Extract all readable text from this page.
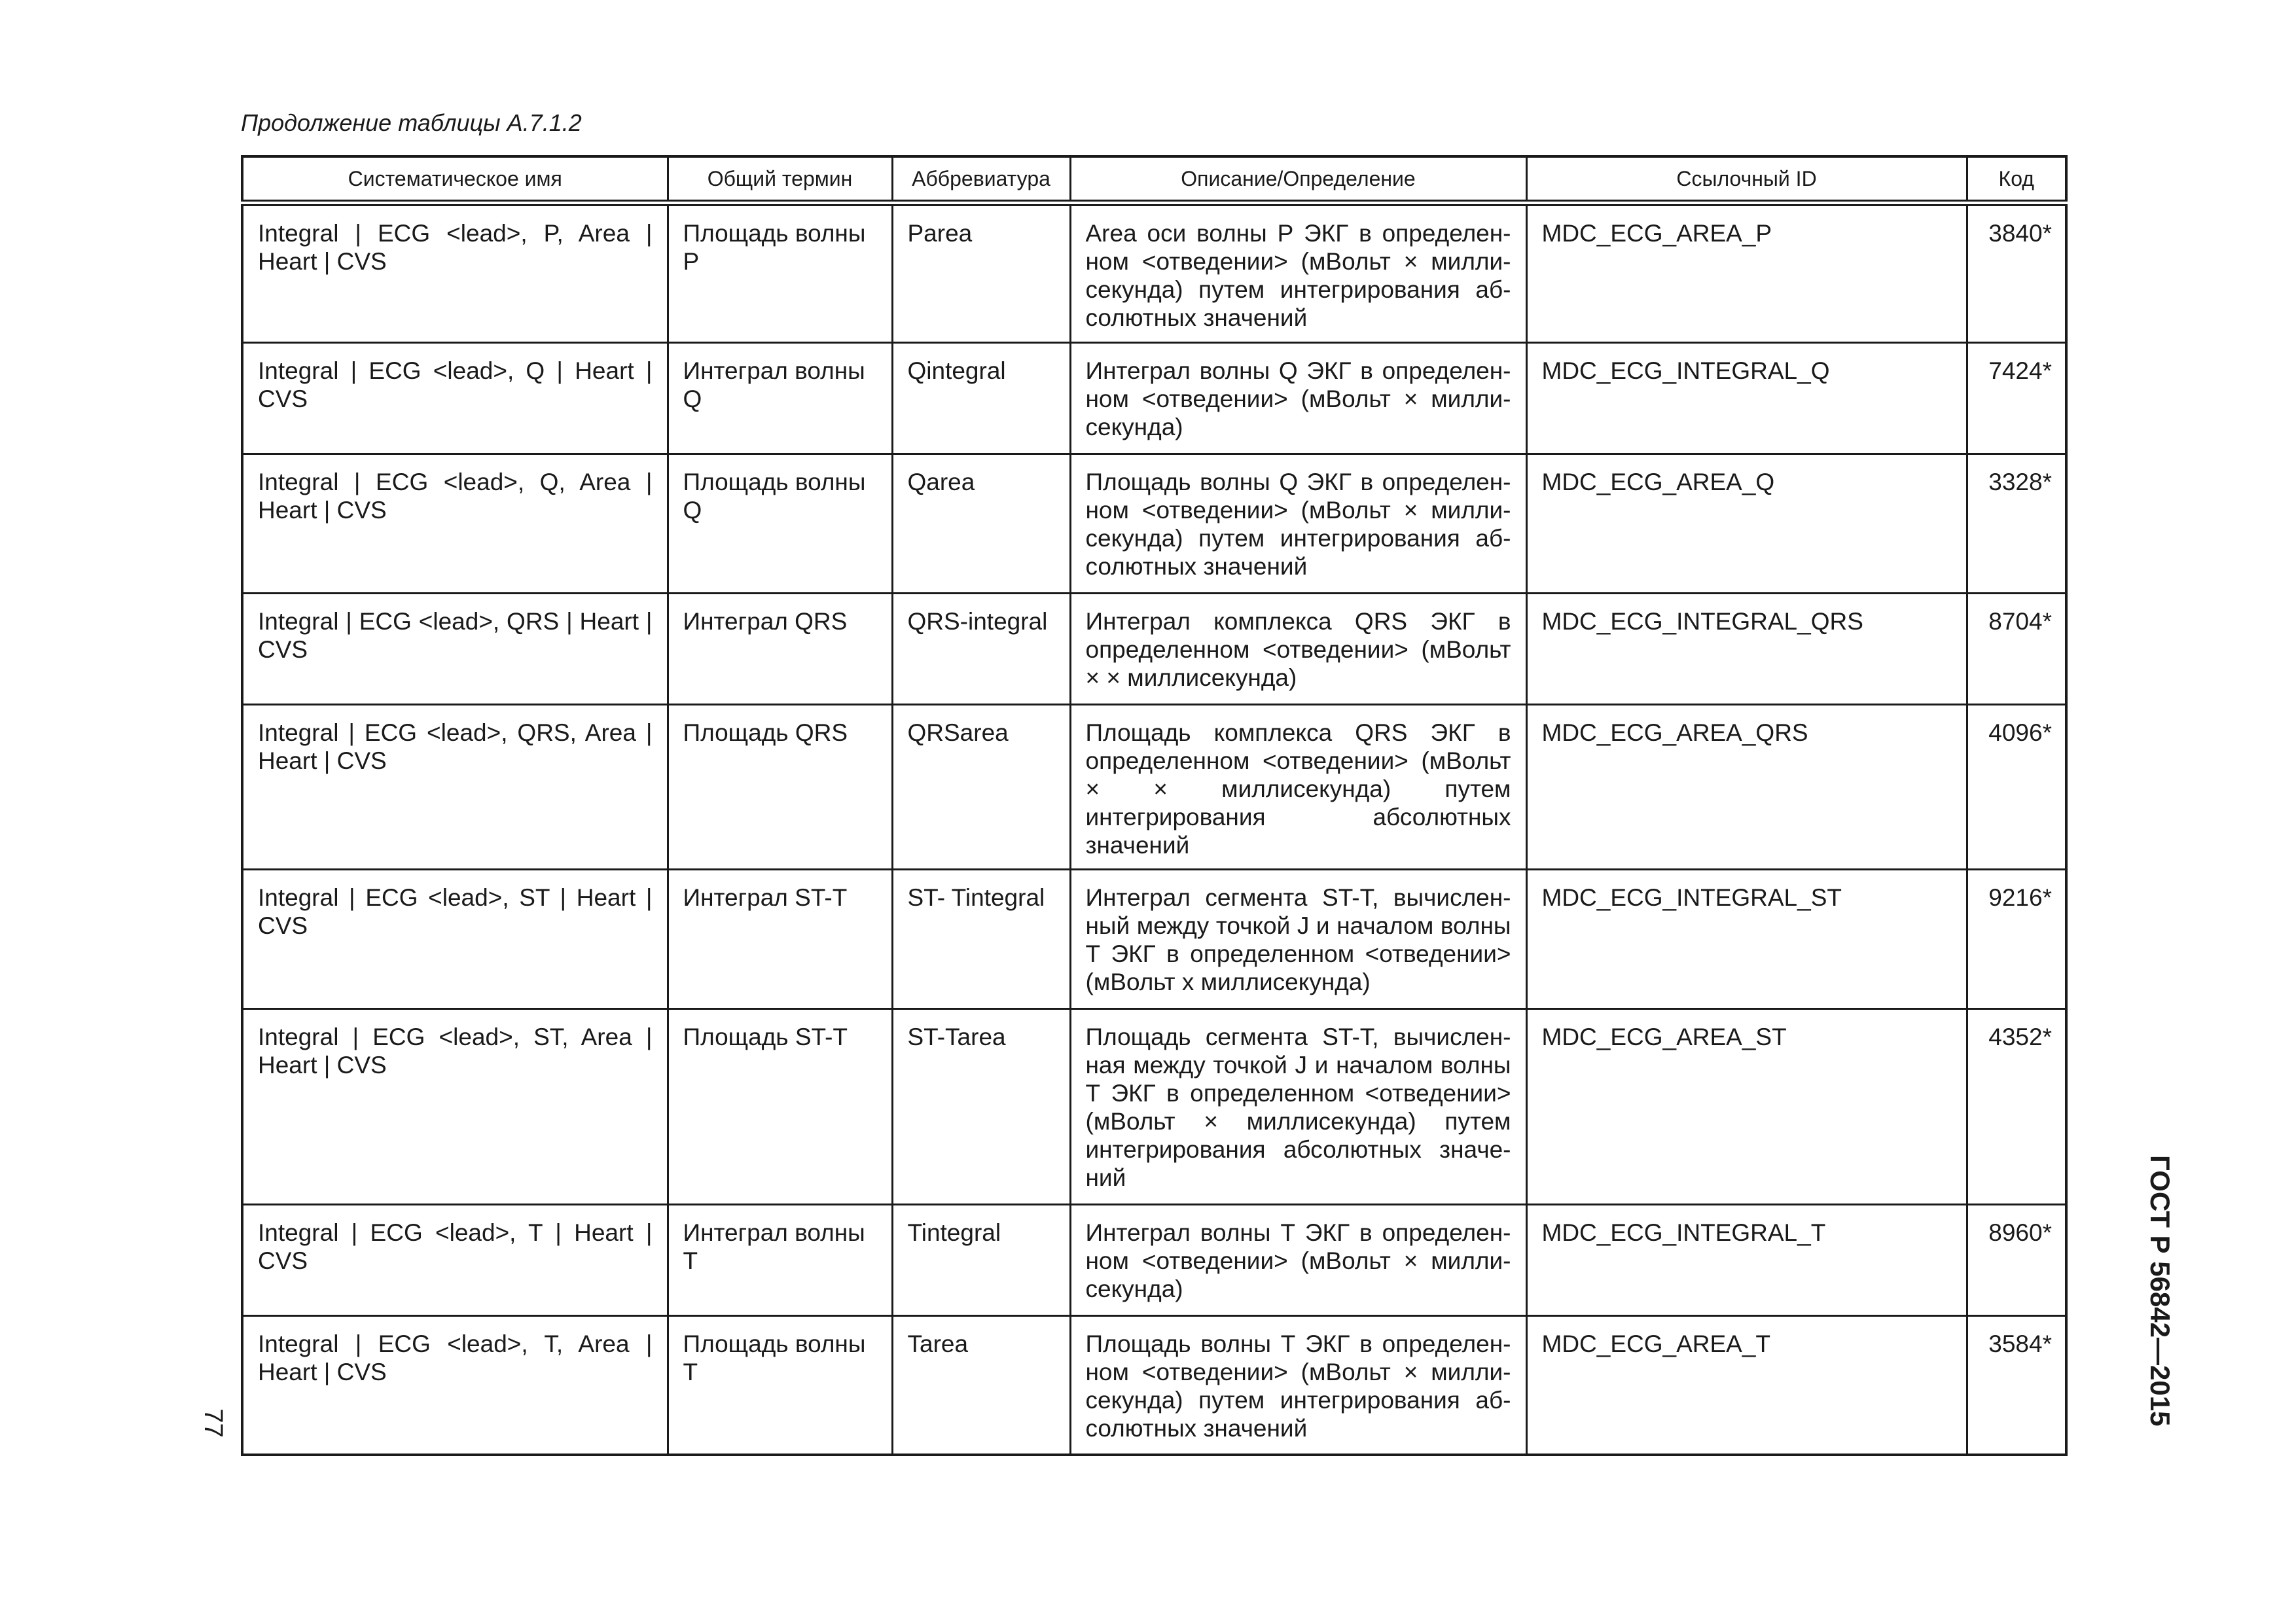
Продолжение таблицы А.7.1.2
Систематическое имя	Общий термин	Аббревиатура	Описание/Определение	Ссылочный ID	Код
Integral | ECG <lead>, P, Area | Heart | CVS	Площадь волны Р	Parea	Area оси волны Р ЭКГ в определенном <отведении> (мВольт × миллисекунда) путем интегрирования абсолютных значений	MDC_ECG_AREA_P	3840*
Integral | ECG <lead>, Q | Heart | CVS	Интеграл волны Q	Qintegral	Интеграл волны Q ЭКГ в определенном <отведении> (мВольт × миллисекунда)	MDC_ECG_INTEGRAL_Q	7424*
Integral | ECG <lead>, Q, Area | Heart | CVS	Площадь волны Q	Qarea	Площадь волны Q ЭКГ в определенном <отведении> (мВольт × миллисекунда) путем интегрирования абсолютных значений	MDC_ECG_AREA_Q	3328*
Integral | ECG <lead>, QRS | Heart | CVS	Интеграл QRS	QRS-integral	Интеграл комплекса QRS ЭКГ в определенном <отведении> (мВольт × × миллисекунда)	MDC_ECG_INTEGRAL_QRS	8704*
Integral | ECG <lead>, QRS, Area | Heart | CVS	Площадь QRS	QRSarea	Площадь комплекса QRS ЭКГ в определенном <отведении> (мВольт × × миллисекунда) путем интегрирования абсолютных значений	MDC_ECG_AREA_QRS	4096*
Integral | ECG <lead>, ST | Heart | CVS	Интеграл ST-T	ST- Tintegral	Интеграл сегмента ST-T, вычисленный между точкой J и началом волны Т ЭКГ в определенном <отведении> (мВольт х миллисекунда)	MDC_ECG_INTEGRAL_ST	9216*
Integral | ECG <lead>, ST, Area | Heart | CVS	Площадь ST-T	ST-Tarea	Площадь сегмента ST-T, вычисленная между точкой J и началом волны Т ЭКГ в определенном <отведении> (мВольт × миллисекунда) путем интегрирования абсолютных значений	MDC_ECG_AREA_ST	4352*
Integral | ECG <lead>, T | Heart | CVS	Интеграл волны Т	Tintegral	Интеграл волны Т ЭКГ в определенном <отведении> (мВольт × миллисекунда)	MDC_ECG_INTEGRAL_T	8960*
Integral | ECG <lead>, T, Area | Heart | CVS	Площадь волны Т	Tarea	Площадь волны Т ЭКГ в определенном <отведении> (мВольт × миллисекунда) путем интегрирования абсолютных значений	MDC_ECG_AREA_T	3584*
77	ГОСТ Р 56842—2015
